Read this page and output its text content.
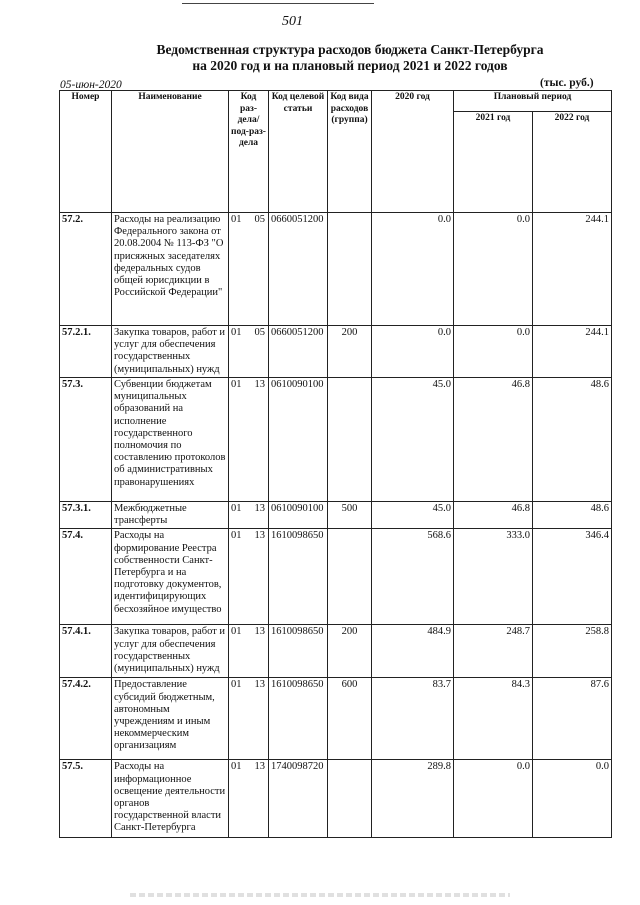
501
Ведомственная структура расходов бюджета Санкт-Петербурга
на 2020 год и на плановый период 2021 и 2022 годов
05-июн-2020	(тыс. руб.)
Номер	Наименование	Код раз-дела/ под-раз-дела	Код целевой статьи	Код вида расходов (группа)	2020 год	Плановый период	
						2021 год	2022 год
57.2.	Расходы на реализацию Федерального закона от 20.08.2004 № 113-ФЗ "О присяжных заседателях федеральных судов общей юрисдикции в Российской Федерации"	01 05	0660051200		0.0	0.0	244.1
57.2.1.	Закупка товаров, работ и услуг для обеспечения государственных (муниципальных) нужд	01 05	0660051200	200	0.0	0.0	244.1
57.3.	Субвенции бюджетам муниципальных образований на исполнение государственного полномочия по составлению протоколов об административных правонарушениях	01 13	0610090100		45.0	46.8	48.6
57.3.1.	Межбюджетные трансферты	01 13	0610090100	500	45.0	46.8	48.6
57.4.	Расходы на формирование Реестра собственности Санкт-Петербурга и на подготовку документов, идентифицирующих бесхозяйное имущество	01 13	1610098650		568.6	333.0	346.4
57.4.1.	Закупка товаров, работ и услуг для обеспечения государственных (муниципальных) нужд	01 13	1610098650	200	484.9	248.7	258.8
57.4.2.	Предоставление субсидий бюджетным, автономным учреждениям и иным некоммерческим организациям	01 13	1610098650	600	83.7	84.3	87.6
57.5.	Расходы на информационное освещение деятельности органов государственной власти Санкт-Петербурга	01 13	1740098720		289.8	0.0	0.0
